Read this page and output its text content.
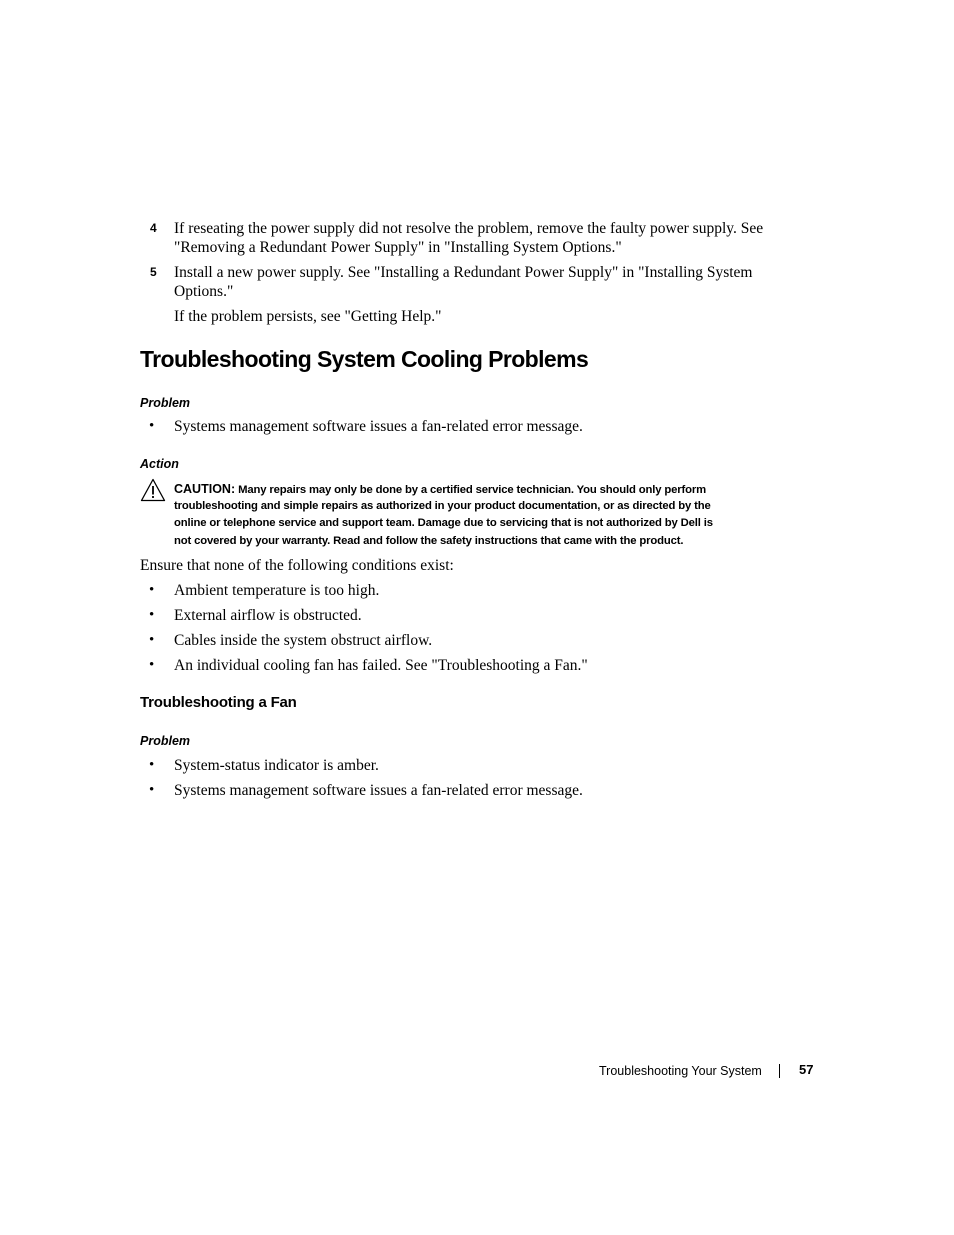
4 If reseating the power supply did not resolve the problem, remove the faulty power supply. See
"Removing a Redundant Power Supply" in "Installing System Options."
5 Install a new power supply. See "Installing a Redundant Power Supply" in "Installing System
Options."
If the problem persists, see "Getting Help."
Troubleshooting System Cooling Problems
Problem
• Systems management software issues a fan-related error message.
Action
CAUTION: Many repairs may only be done by a certified service technician. You should only perform
troubleshooting and simple repairs as authorized in your product documentation, or as directed by the
online or telephone service and support team. Damage due to servicing that is not authorized by Dell is
not covered by your warranty. Read and follow the safety instructions that came with the product.
Ensure that none of the following conditions exist:
• Ambient temperature is too high.
• External airflow is obstructed.
• Cables inside the system obstruct airflow.
• An individual cooling fan has failed. See "Troubleshooting a Fan."
Troubleshooting a Fan
Problem
• System-status indicator is amber.
• Systems management software issues a fan-related error message.
Troubleshooting Your System	57
